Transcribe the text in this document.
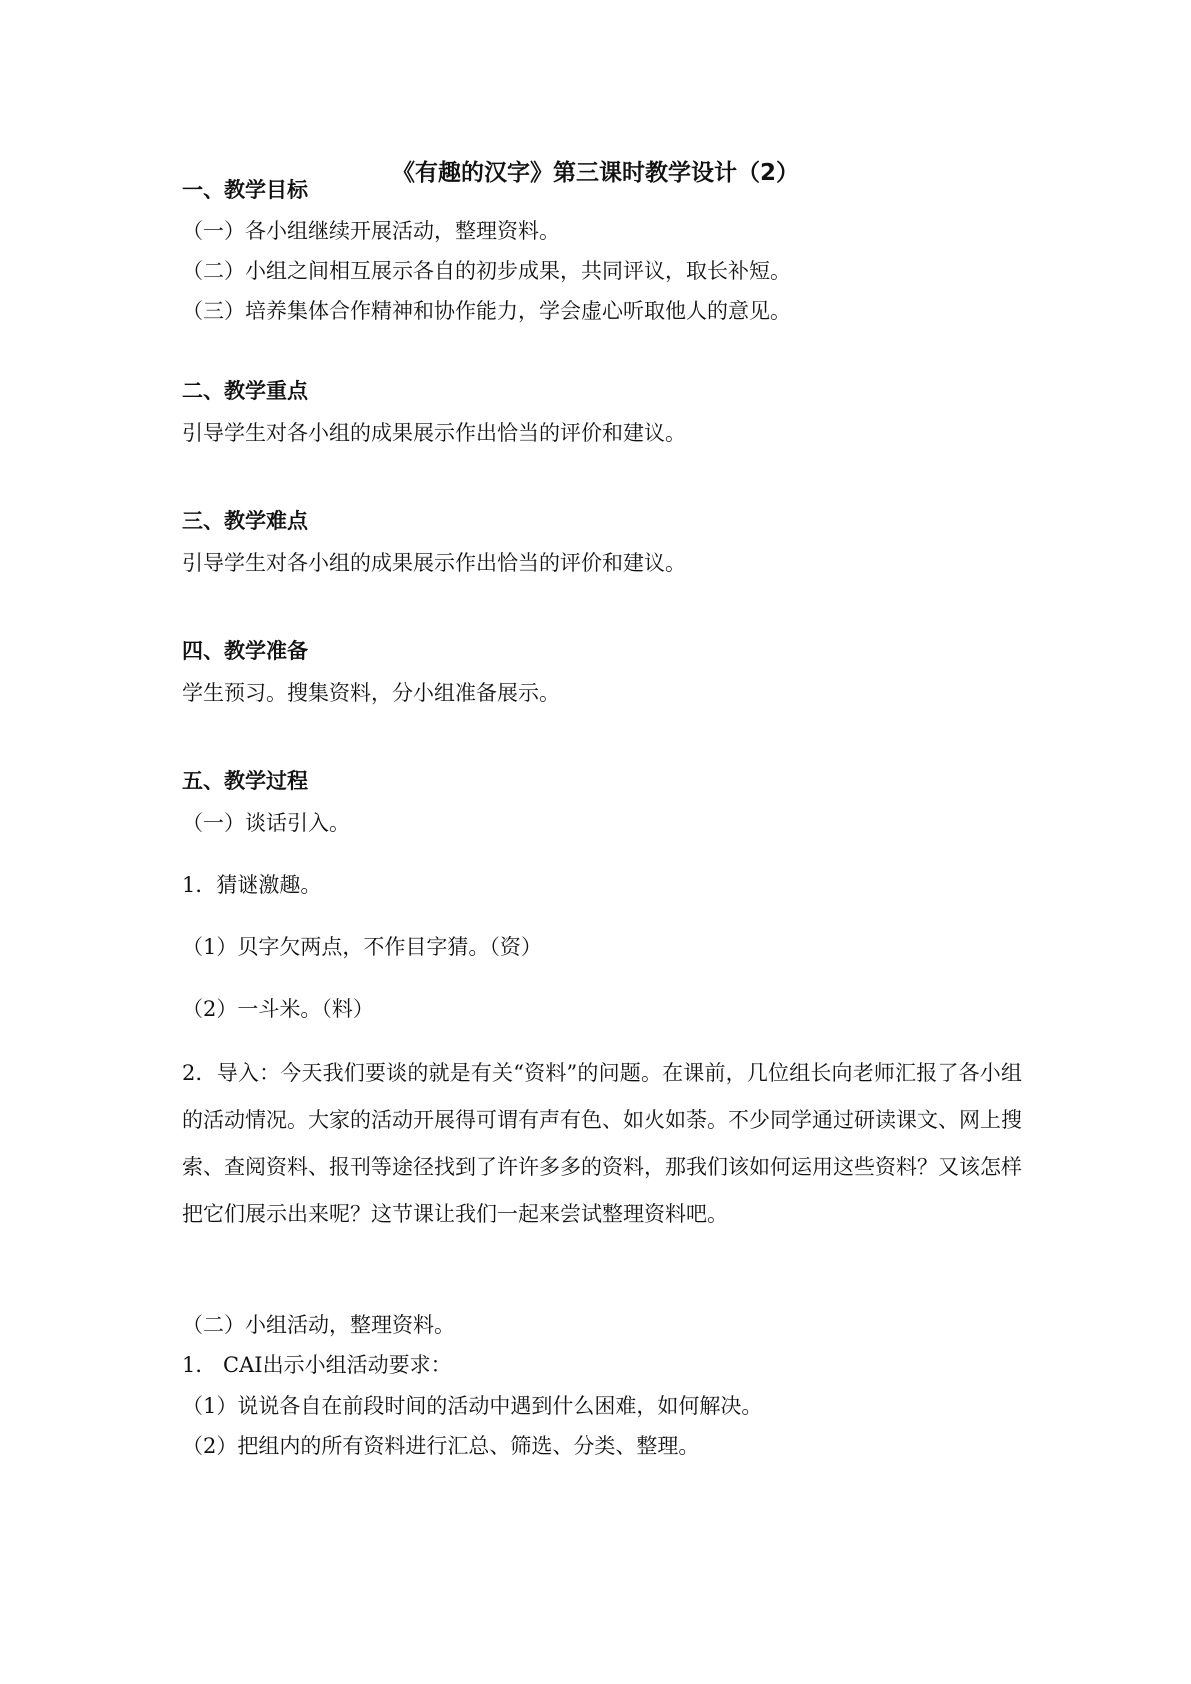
《有趣的汉字》第三课时教学设计（2）
一、教学目标
（一）各小组继续开展活动，整理资料。
（二）小组之间相互展示各自的初步成果，共同评议，取长补短。
（三）培养集体合作精神和协作能力，学会虚心听取他人的意见。
二、教学重点
引导学生对各小组的成果展示作出恰当的评价和建议。
三、教学难点
引导学生对各小组的成果展示作出恰当的评价和建议。
四、教学准备
学生预习。搜集资料，分小组准备展示。
五、教学过程
（一）谈话引入。
1．猜谜激趣。
（1）贝字欠两点，不作目字猜。（资）
（2）一斗米。（料）

2．导入：今天我们要谈的就是有关“资料”的问题。在课前，几位组长向老师汇报了各小组的活动情况。大家的活动开展得可谓有声有色、如火如荼。不少同学通过研读课文、网上搜索、查阅资料、报刊等途径找到了许许多多的资料，那我们该如何运用这些资料？又该怎样把它们展示出来呢？这节课让我们一起来尝试整理资料吧。

（二）小组活动，整理资料。
1． CAI出示小组活动要求：
（1）说说各自在前段时间的活动中遇到什么困难，如何解决。
（2）把组内的所有资料进行汇总、筛选、分类、整理。
